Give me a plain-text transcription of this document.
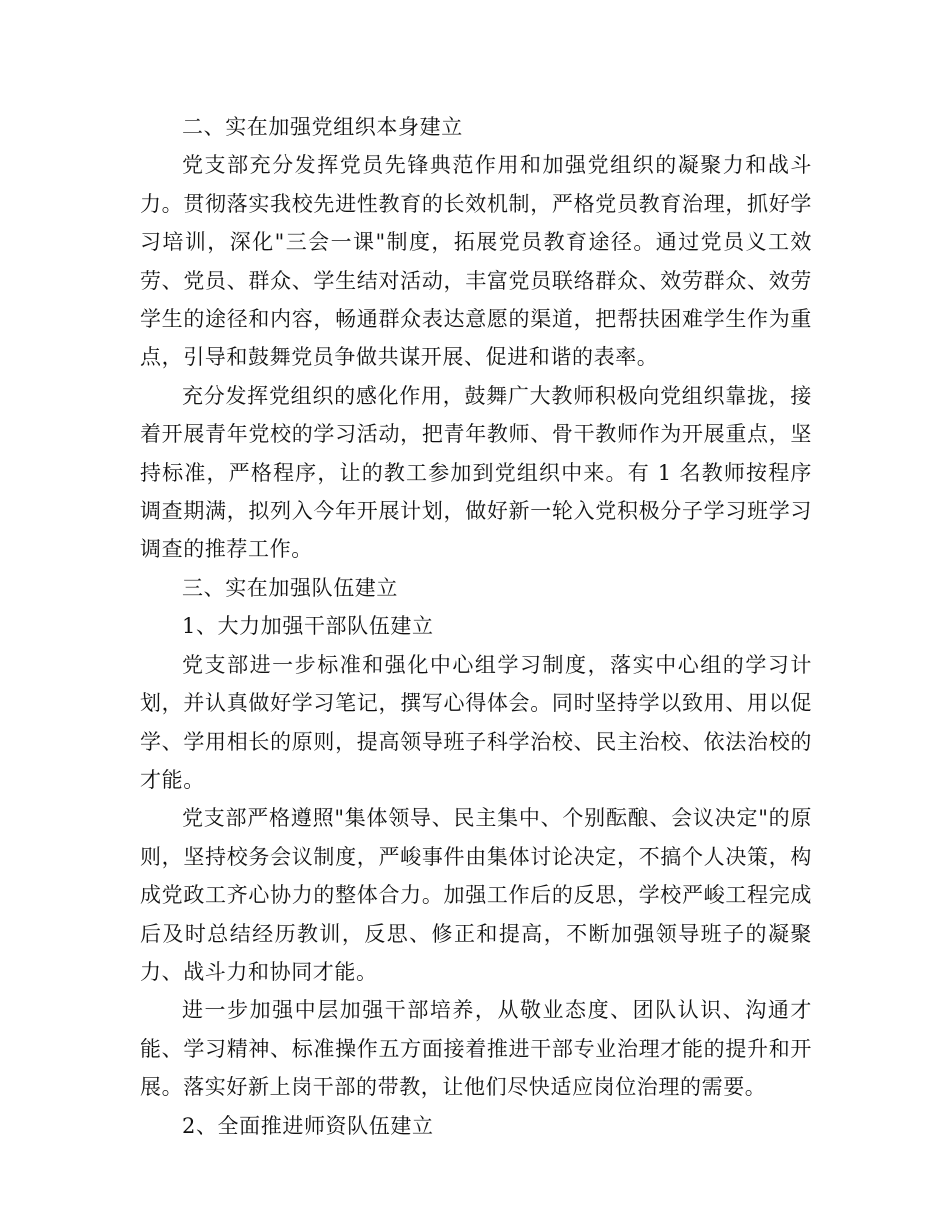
二、实在加强党组织本身建立

党支部充分发挥党员先锋典范作用和加强党组织的凝聚力和战斗力。贯彻落实我校先进性教育的长效机制，严格党员教育治理，抓好学习培训，深化"三会一课"制度，拓展党员教育途径。通过党员义工效劳、党员、群众、学生结对活动，丰富党员联络群众、效劳群众、效劳学生的途径和内容，畅通群众表达意愿的渠道，把帮扶困难学生作为重点，引导和鼓舞党员争做共谋开展、促进和谐的表率。

充分发挥党组织的感化作用，鼓舞广大教师积极向党组织靠拢，接着开展青年党校的学习活动，把青年教师、骨干教师作为开展重点，坚持标准，严格程序，让的教工参加到党组织中来。有 1 名教师按程序调查期满，拟列入今年开展计划，做好新一轮入党积极分子学习班学习调查的推荐工作。

三、实在加强队伍建立

1、大力加强干部队伍建立

党支部进一步标准和强化中心组学习制度，落实中心组的学习计划，并认真做好学习笔记，撰写心得体会。同时坚持学以致用、用以促学、学用相长的原则，提高领导班子科学治校、民主治校、依法治校的才能。

党支部严格遵照"集体领导、民主集中、个别酝酿、会议决定"的原则，坚持校务会议制度，严峻事件由集体讨论决定，不搞个人决策，构成党政工齐心协力的整体合力。加强工作后的反思，学校严峻工程完成后及时总结经历教训，反思、修正和提高，不断加强领导班子的凝聚力、战斗力和协同才能。

进一步加强中层加强干部培养，从敬业态度、团队认识、沟通才能、学习精神、标准操作五方面接着推进干部专业治理才能的提升和开展。落实好新上岗干部的带教，让他们尽快适应岗位治理的需要。

2、全面推进师资队伍建立
